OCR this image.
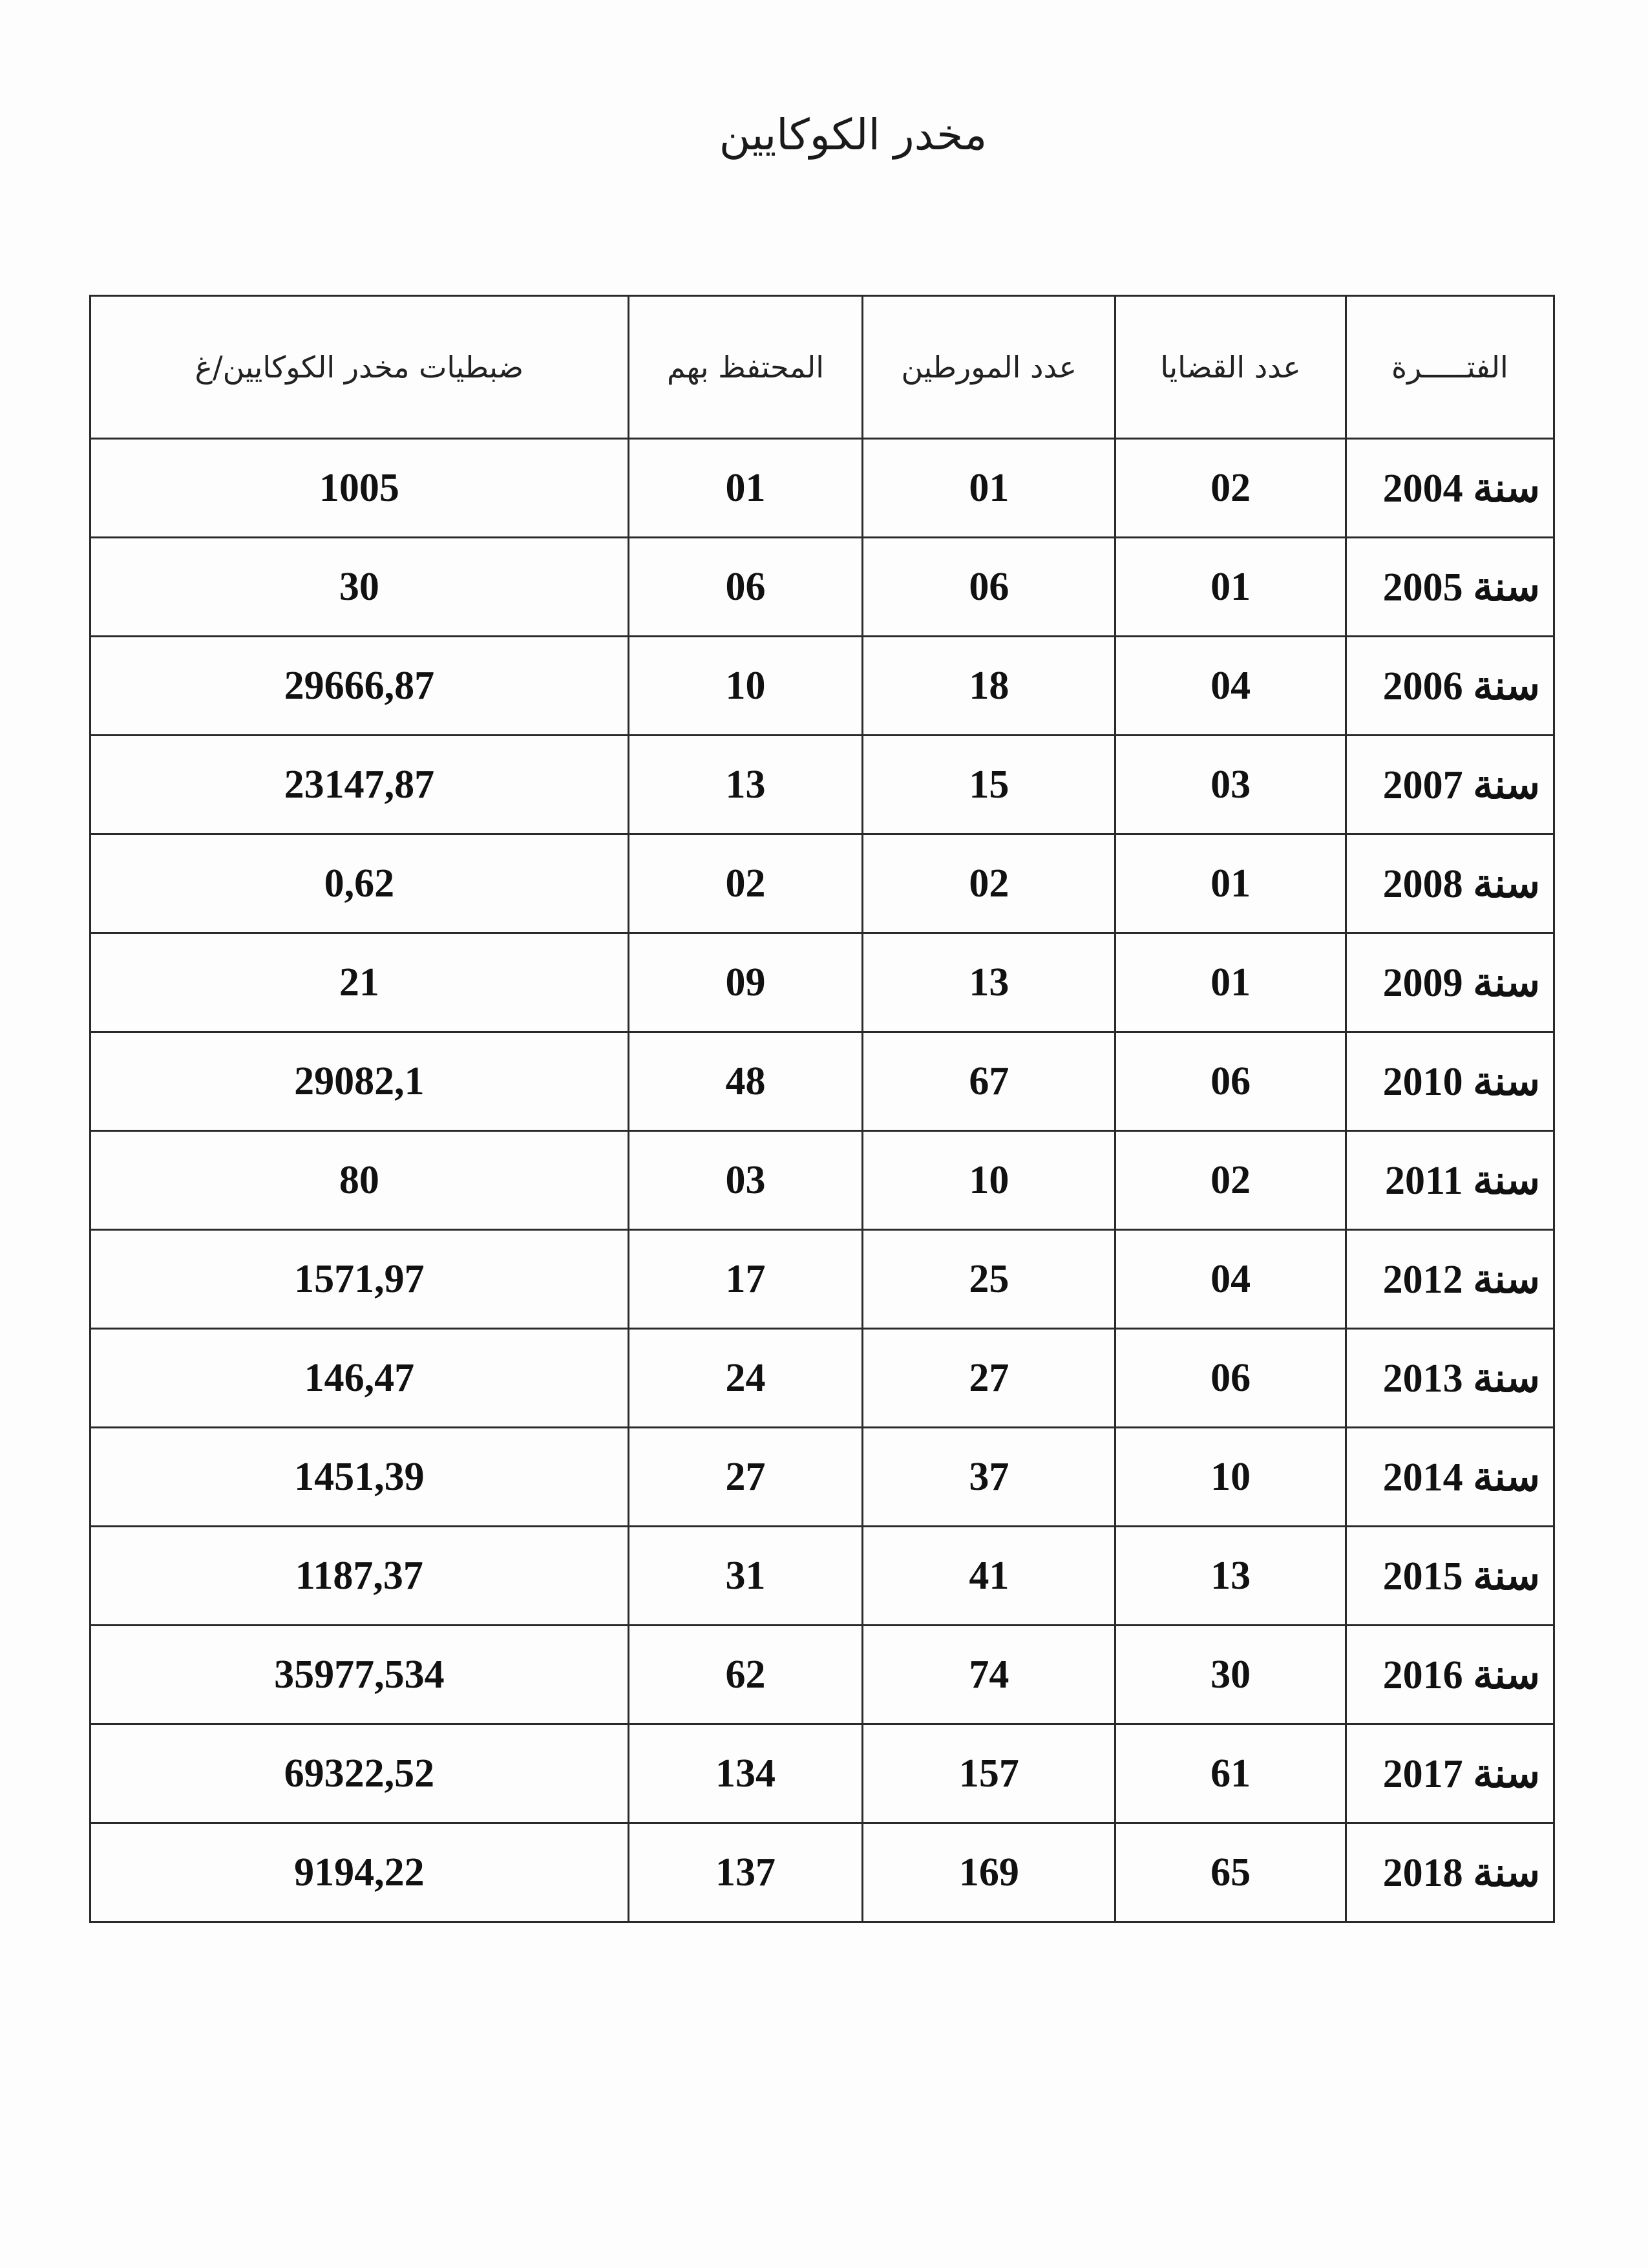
مخدر الكوكايين
الفتـــــرة	عدد القضايا	عدد المورطين	المحتفظ بهم	ضبطيات مخدر الكوكايين/غ
سنة 2004	02	01	01	1005
سنة 2005	01	06	06	30
سنة 2006	04	18	10	29666,87
سنة 2007	03	15	13	23147,87
سنة 2008	01	02	02	0,62
سنة 2009	01	13	09	21
سنة 2010	06	67	48	29082,1
سنة 2011	02	10	03	80
سنة 2012	04	25	17	1571,97
سنة 2013	06	27	24	146,47
سنة 2014	10	37	27	1451,39
سنة 2015	13	41	31	1187,37
سنة 2016	30	74	62	35977,534
سنة 2017	61	157	134	69322,52
سنة 2018	65	169	137	9194,22
